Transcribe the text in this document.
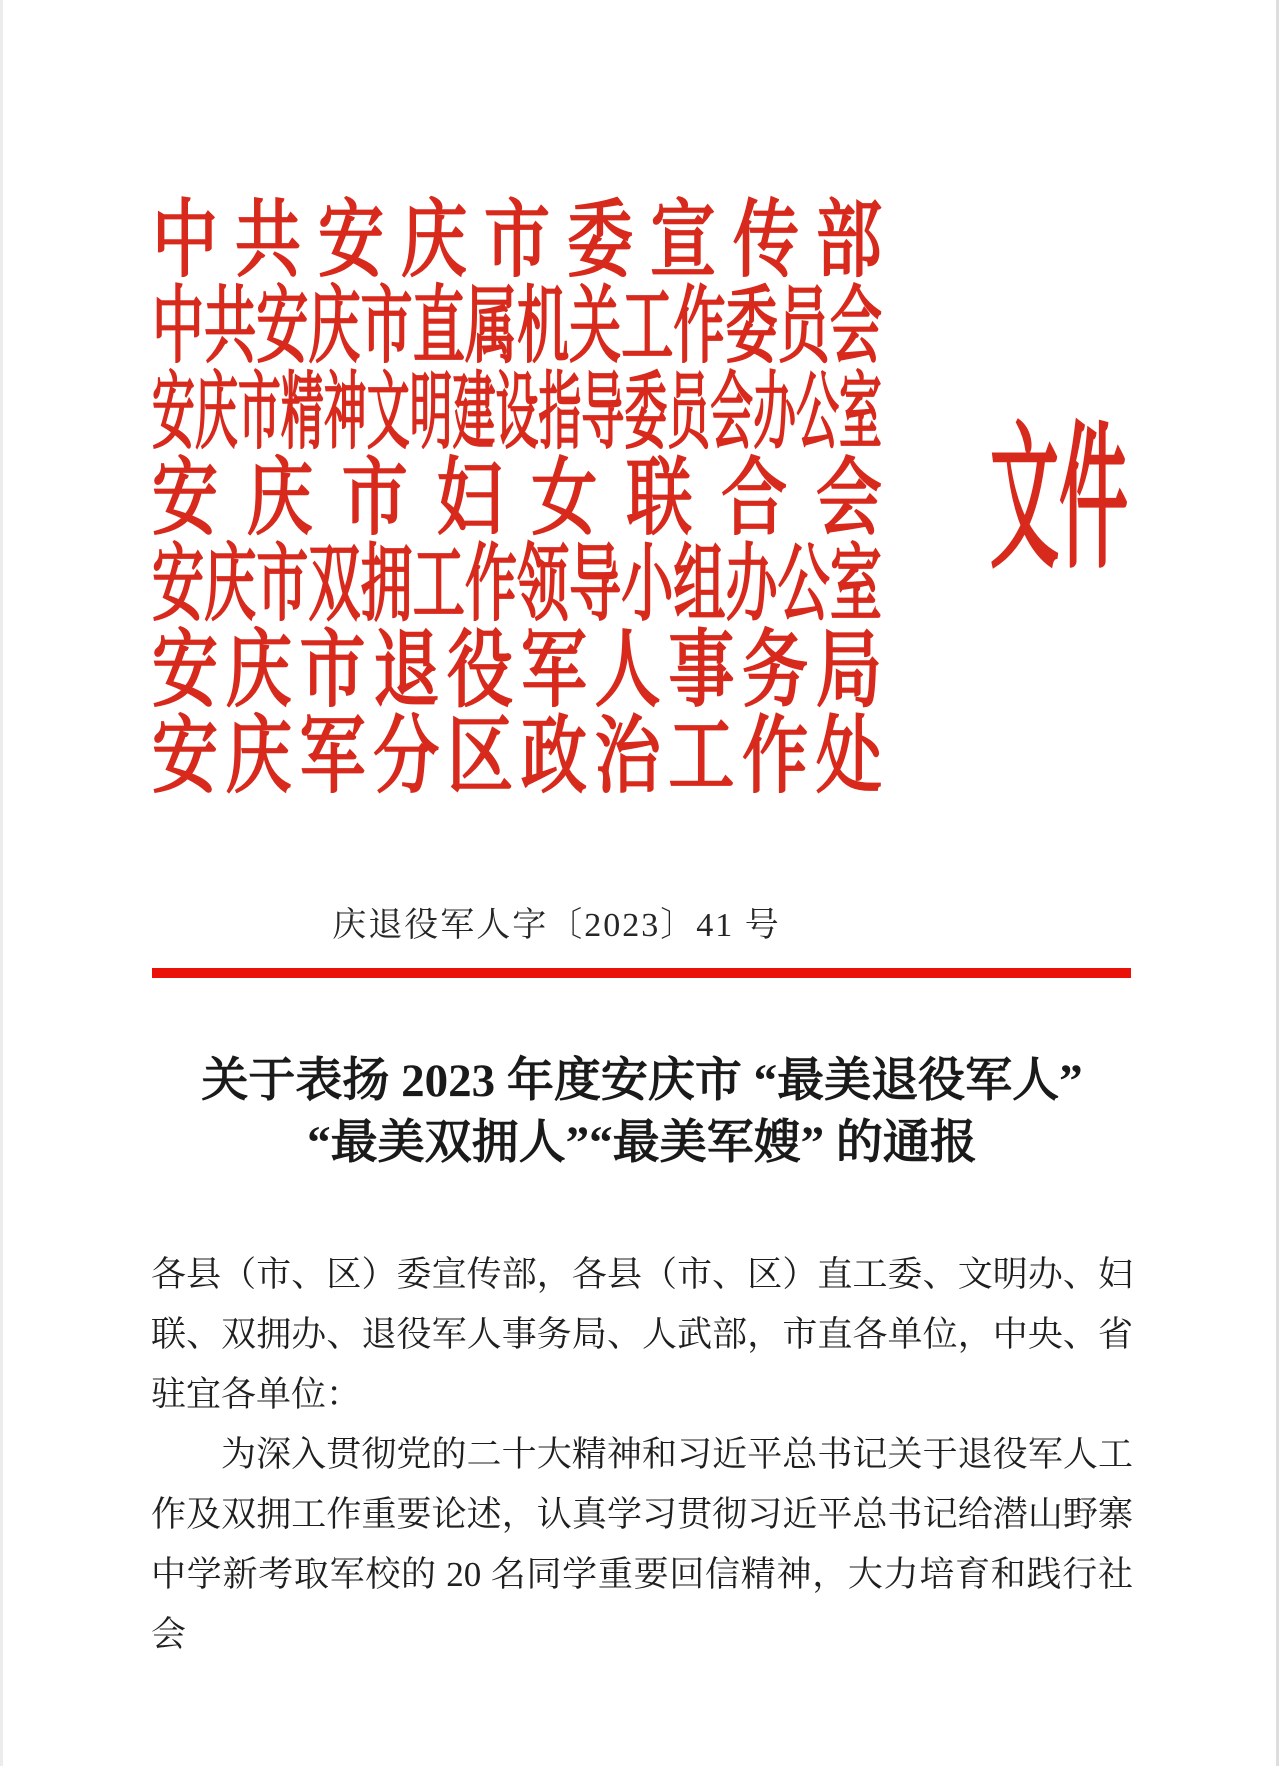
中 共 安 庆 市 委 宣 传 部
中共安庆市直属机关工作委员会
安庆市精神文明建设指导委员会办公室
安 庆 市 妇 女 联 合 会
安庆市双拥工作领导小组办公室
安 庆 市 退 役 军 人 事 务 局
安 庆 军 分 区 政 治 工 作 处
文件
庆退役军人字〔2023〕41 号
关于表扬 2023 年度安庆市 “最美退役军人”
“最美双拥人”“最美军嫂” 的通报
各县（市、区）委宣传部，各县（市、区）直工委、文明办、妇
联、双拥办、退役军人事务局、人武部，市直各单位，中央、省
驻宜各单位：
为深入贯彻党的二十大精神和习近平总书记关于退役军人工
作及双拥工作重要论述，认真学习贯彻习近平总书记给潜山野寨
中学新考取军校的 20 名同学重要回信精神，大力培育和践行社会
